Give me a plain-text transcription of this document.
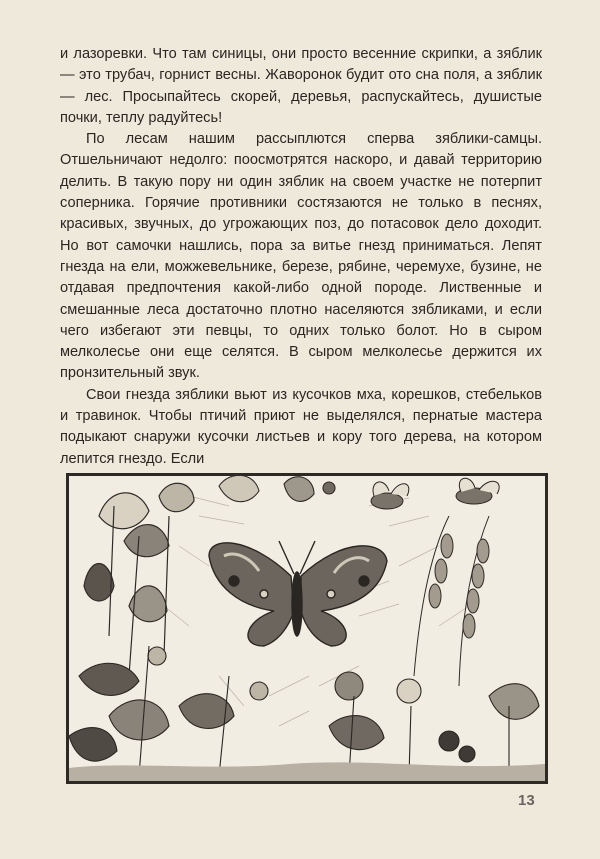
и лазоревки. Что там синицы, они просто весенние скрипки, а зяблик — это трубач, горнист весны. Жаворонок будит ото сна поля, а зяблик — лес. Просыпайтесь скорей, деревья, распускайтесь, душистые почки, теплу радуйтесь!

По лесам нашим рассыплются сперва зяблики-самцы. Отшельничают недолго: поосмотрятся наскоро, и давай территорию делить. В такую пору ни один зяблик на своем участке не потерпит соперника. Горячие противники состязаются не только в песнях, красивых, звучных, до угрожающих поз, до потасовок дело доходит. Но вот самочки нашлись, пора за витье гнезд приниматься. Лепят гнезда на ели, можжевельнике, березе, рябине, черемухе, бузине, не отдавая предпочтения какой-либо одной породе. Лиственные и смешанные леса достаточно плотно населяются зябликами, и если чего избегают эти певцы, то одних только болот. Но в сыром мелколесье они еще селятся. В сыром мелколесье держится их пронзительный звук.

Свои гнезда зяблики вьют из кусочков мха, корешков, стебельков и травинок. Чтобы птичий приют не выделялся, пернатые мастера подыкают снаружи кусочки листьев и кору того дерева, на котором лепится гнездо. Если

13
